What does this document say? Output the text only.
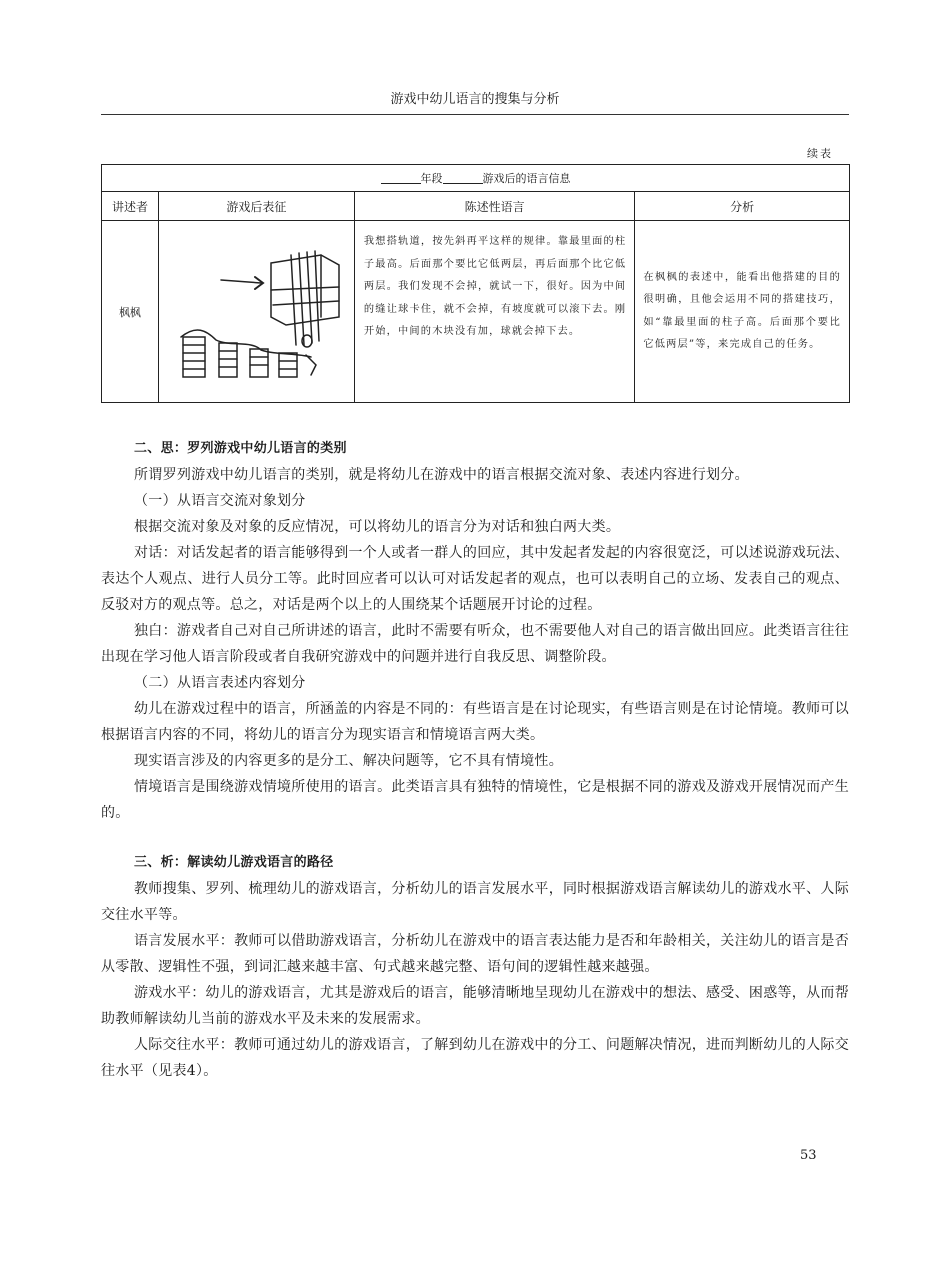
游戏中幼儿语言的搜集与分析
续表
年段 游戏后的语言信息			
讲述者	游戏后表征	陈述性语言	分析
枫枫		我想搭轨道，按先斜再平这样的规律。靠最里面的柱子最高。后面那个要比它低两层，再后面那个比它低两层。我们发现不会掉，就试一下，很好。因为中间的缝让球卡住，就不会掉，有坡度就可以滚下去。刚开始，中间的木块没有加，球就会掉下去。	在枫枫的表述中，能看出他搭建的目的很明确，且他会运用不同的搭建技巧，如“靠最里面的柱子高。后面那个要比它低两层”等，来完成自己的任务。

二、思：罗列游戏中幼儿语言的类别

所谓罗列游戏中幼儿语言的类别，就是将幼儿在游戏中的语言根据交流对象、表述内容进行划分。

（一）从语言交流对象划分

根据交流对象及对象的反应情况，可以将幼儿的语言分为对话和独白两大类。

对话：对话发起者的语言能够得到一个人或者一群人的回应，其中发起者发起的内容很宽泛，可以述说游戏玩法、表达个人观点、进行人员分工等。此时回应者可以认可对话发起者的观点，也可以表明自己的立场、发表自己的观点、反驳对方的观点等。总之，对话是两个以上的人围绕某个话题展开讨论的过程。

独白：游戏者自己对自己所讲述的语言，此时不需要有听众，也不需要他人对自己的语言做出回应。此类语言往往出现在学习他人语言阶段或者自我研究游戏中的问题并进行自我反思、调整阶段。

（二）从语言表述内容划分

幼儿在游戏过程中的语言，所涵盖的内容是不同的：有些语言是在讨论现实，有些语言则是在讨论情境。教师可以根据语言内容的不同，将幼儿的语言分为现实语言和情境语言两大类。

现实语言涉及的内容更多的是分工、解决问题等，它不具有情境性。

情境语言是围绕游戏情境所使用的语言。此类语言具有独特的情境性，它是根据不同的游戏及游戏开展情况而产生的。

三、析：解读幼儿游戏语言的路径

教师搜集、罗列、梳理幼儿的游戏语言，分析幼儿的语言发展水平，同时根据游戏语言解读幼儿的游戏水平、人际交往水平等。

语言发展水平：教师可以借助游戏语言，分析幼儿在游戏中的语言表达能力是否和年龄相关，关注幼儿的语言是否从零散、逻辑性不强，到词汇越来越丰富、句式越来越完整、语句间的逻辑性越来越强。

游戏水平：幼儿的游戏语言，尤其是游戏后的语言，能够清晰地呈现幼儿在游戏中的想法、感受、困惑等，从而帮助教师解读幼儿当前的游戏水平及未来的发展需求。

人际交往水平：教师可通过幼儿的游戏语言，了解到幼儿在游戏中的分工、问题解决情况，进而判断幼儿的人际交往水平（见表4）。

53
